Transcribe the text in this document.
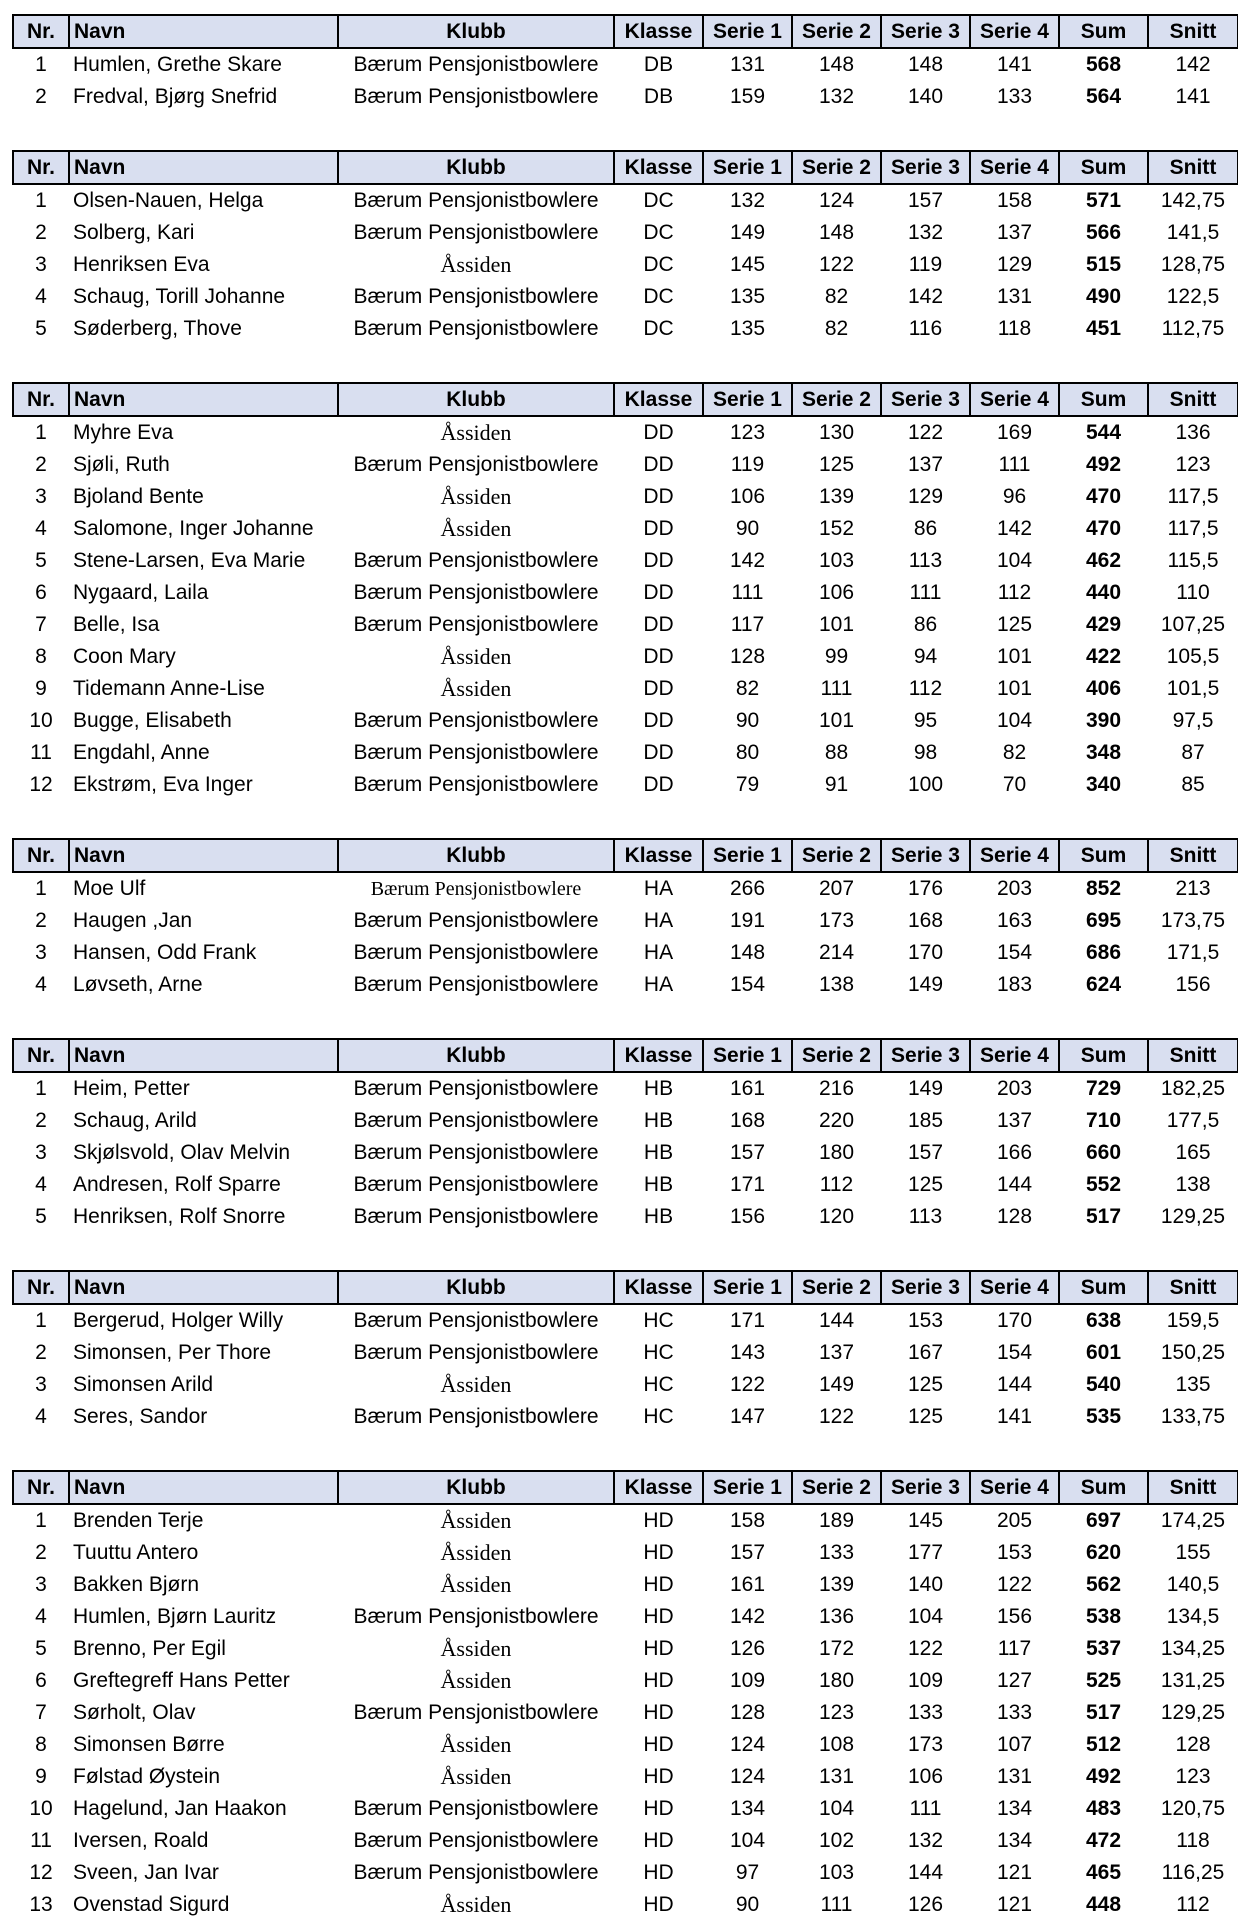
Nr.	Navn	Klubb	Klasse	Serie 1	Serie 2	Serie 3	Serie 4	Sum	Snitt
1	Humlen, Grethe Skare	Bærum Pensjonistbowlere	DB	131	148	148	141	568	142
2	Fredval, Bjørg Snefrid	Bærum Pensjonistbowlere	DB	159	132	140	133	564	141
Nr.	Navn	Klubb	Klasse	Serie 1	Serie 2	Serie 3	Serie 4	Sum	Snitt
1	Olsen-Nauen, Helga	Bærum Pensjonistbowlere	DC	132	124	157	158	571	142,75
2	Solberg, Kari	Bærum Pensjonistbowlere	DC	149	148	132	137	566	141,5
3	Henriksen Eva	Åssiden	DC	145	122	119	129	515	128,75
4	Schaug, Torill Johanne	Bærum Pensjonistbowlere	DC	135	82	142	131	490	122,5
5	Søderberg, Thove	Bærum Pensjonistbowlere	DC	135	82	116	118	451	112,75
Nr.	Navn	Klubb	Klasse	Serie 1	Serie 2	Serie 3	Serie 4	Sum	Snitt
1	Myhre Eva	Åssiden	DD	123	130	122	169	544	136
2	Sjøli, Ruth	Bærum Pensjonistbowlere	DD	119	125	137	111	492	123
3	Bjoland Bente	Åssiden	DD	106	139	129	96	470	117,5
4	Salomone, Inger Johanne	Åssiden	DD	90	152	86	142	470	117,5
5	Stene-Larsen, Eva Marie	Bærum Pensjonistbowlere	DD	142	103	113	104	462	115,5
6	Nygaard, Laila	Bærum Pensjonistbowlere	DD	111	106	111	112	440	110
7	Belle, Isa	Bærum Pensjonistbowlere	DD	117	101	86	125	429	107,25
8	Coon Mary	Åssiden	DD	128	99	94	101	422	105,5
9	Tidemann Anne-Lise	Åssiden	DD	82	111	112	101	406	101,5
10	Bugge, Elisabeth	Bærum Pensjonistbowlere	DD	90	101	95	104	390	97,5
11	Engdahl, Anne	Bærum Pensjonistbowlere	DD	80	88	98	82	348	87
12	Ekstrøm, Eva Inger	Bærum Pensjonistbowlere	DD	79	91	100	70	340	85
Nr.	Navn	Klubb	Klasse	Serie 1	Serie 2	Serie 3	Serie 4	Sum	Snitt
1	Moe Ulf	Bærum Pensjonistbowlere	HA	266	207	176	203	852	213
2	Haugen ,Jan	Bærum Pensjonistbowlere	HA	191	173	168	163	695	173,75
3	Hansen, Odd Frank	Bærum Pensjonistbowlere	HA	148	214	170	154	686	171,5
4	Løvseth, Arne	Bærum Pensjonistbowlere	HA	154	138	149	183	624	156
Nr.	Navn	Klubb	Klasse	Serie 1	Serie 2	Serie 3	Serie 4	Sum	Snitt
1	Heim, Petter	Bærum Pensjonistbowlere	HB	161	216	149	203	729	182,25
2	Schaug, Arild	Bærum Pensjonistbowlere	HB	168	220	185	137	710	177,5
3	Skjølsvold, Olav Melvin	Bærum Pensjonistbowlere	HB	157	180	157	166	660	165
4	Andresen, Rolf Sparre	Bærum Pensjonistbowlere	HB	171	112	125	144	552	138
5	Henriksen, Rolf Snorre	Bærum Pensjonistbowlere	HB	156	120	113	128	517	129,25
Nr.	Navn	Klubb	Klasse	Serie 1	Serie 2	Serie 3	Serie 4	Sum	Snitt
1	Bergerud, Holger Willy	Bærum Pensjonistbowlere	HC	171	144	153	170	638	159,5
2	Simonsen, Per Thore	Bærum Pensjonistbowlere	HC	143	137	167	154	601	150,25
3	Simonsen Arild	Åssiden	HC	122	149	125	144	540	135
4	Seres, Sandor	Bærum Pensjonistbowlere	HC	147	122	125	141	535	133,75
Nr.	Navn	Klubb	Klasse	Serie 1	Serie 2	Serie 3	Serie 4	Sum	Snitt
1	Brenden Terje	Åssiden	HD	158	189	145	205	697	174,25
2	Tuuttu Antero	Åssiden	HD	157	133	177	153	620	155
3	Bakken Bjørn	Åssiden	HD	161	139	140	122	562	140,5
4	Humlen, Bjørn Lauritz	Bærum Pensjonistbowlere	HD	142	136	104	156	538	134,5
5	Brenno, Per Egil	Åssiden	HD	126	172	122	117	537	134,25
6	Greftegreff Hans Petter	Åssiden	HD	109	180	109	127	525	131,25
7	Sørholt, Olav	Bærum Pensjonistbowlere	HD	128	123	133	133	517	129,25
8	Simonsen Børre	Åssiden	HD	124	108	173	107	512	128
9	Følstad Øystein	Åssiden	HD	124	131	106	131	492	123
10	Hagelund, Jan Haakon	Bærum Pensjonistbowlere	HD	134	104	111	134	483	120,75
11	Iversen, Roald	Bærum Pensjonistbowlere	HD	104	102	132	134	472	118
12	Sveen, Jan Ivar	Bærum Pensjonistbowlere	HD	97	103	144	121	465	116,25
13	Ovenstad Sigurd	Åssiden	HD	90	111	126	121	448	112
